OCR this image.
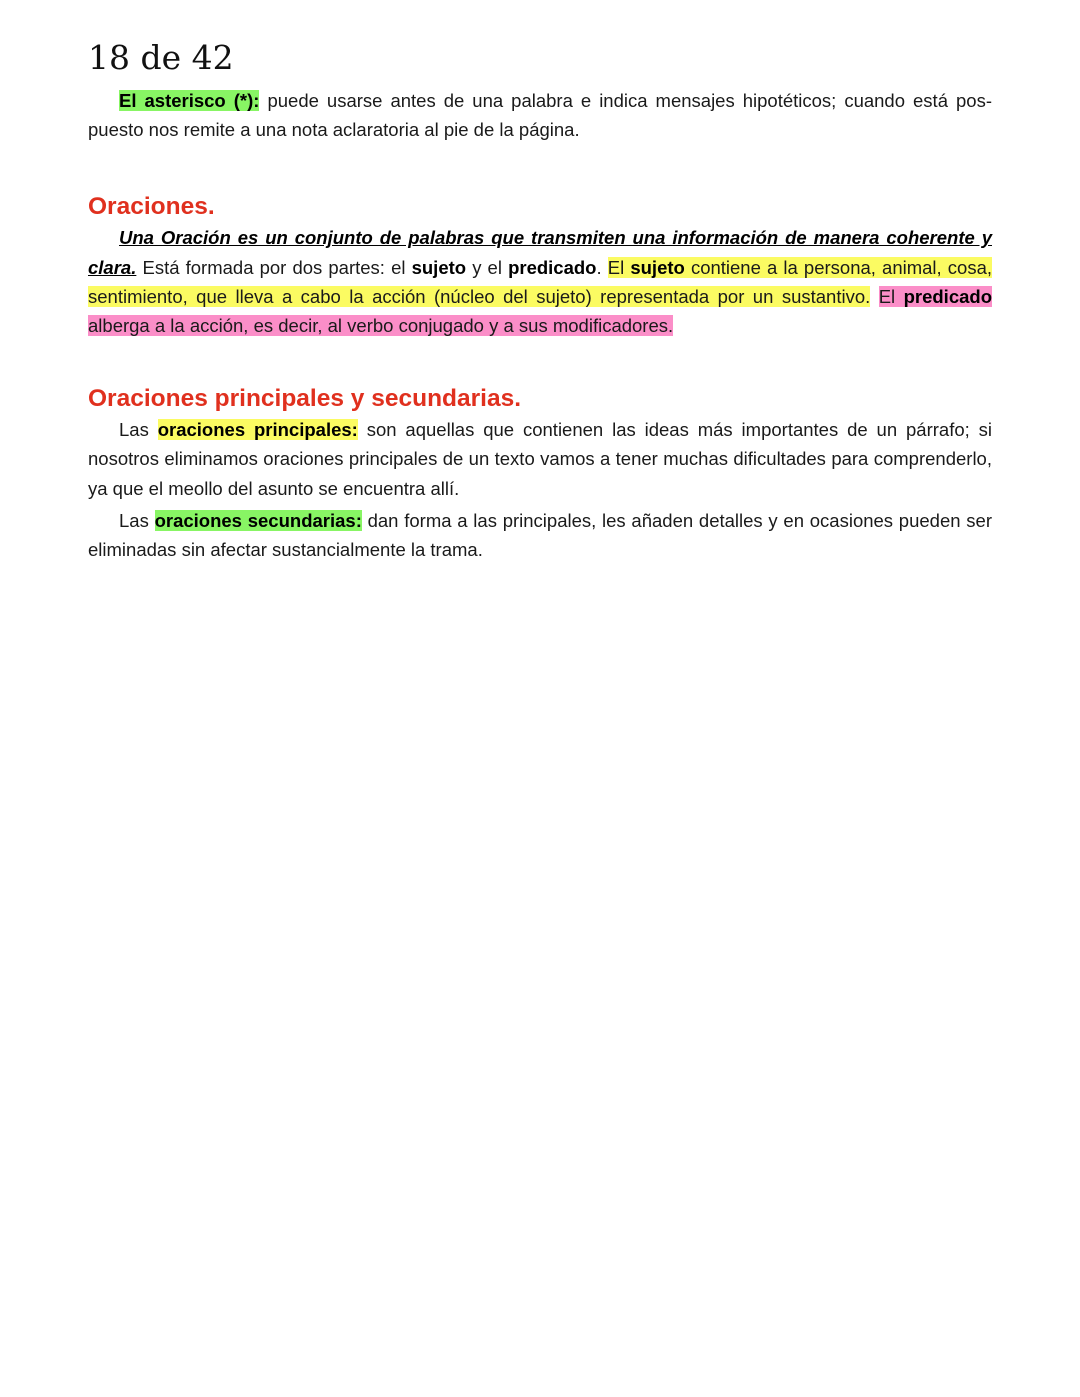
18 de 42

El asterisco (*): puede usarse antes de una palabra e indica mensajes hipotéticos; cuando está pos-puesto nos remite a una nota aclaratoria al pie de la página.

Oraciones.

Una Oración es un conjunto de palabras que transmiten una información de manera coherente y clara. Está formada por dos partes: el sujeto y el predicado. El sujeto contiene a la persona, animal, cosa, sentimiento, que lleva a cabo la acción (núcleo del sujeto) representada por un sustantivo. El predicado alberga a la acción, es decir, al verbo conjugado y a sus modificadores.

Oraciones principales y secundarias.

Las oraciones principales: son aquellas que contienen las ideas más importantes de un párrafo; si nosotros eliminamos oraciones principales de un texto vamos a tener muchas dificultades para comprenderlo, ya que el meollo del asunto se encuentra allí.

Las oraciones secundarias: dan forma a las principales, les añaden detalles y en ocasiones pueden ser eliminadas sin afectar sustancialmente la trama.
